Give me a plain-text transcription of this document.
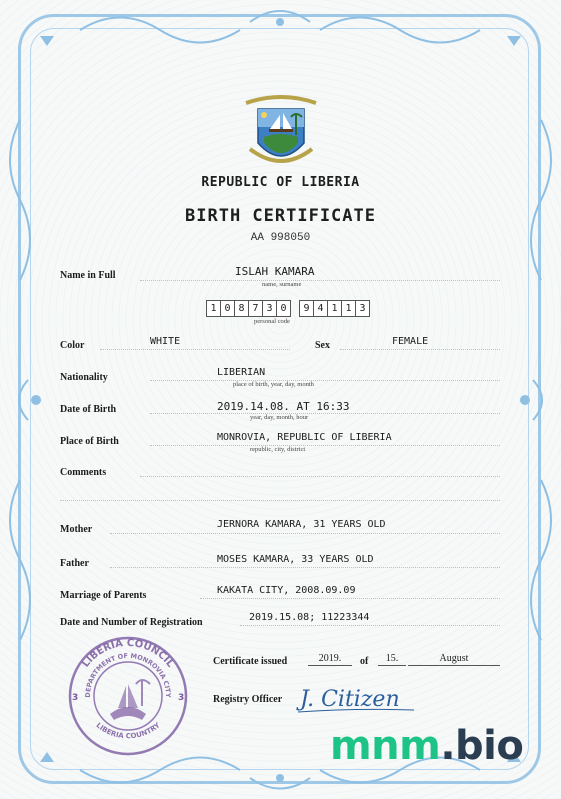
REPUBLIC OF LIBERIA
BIRTH CERTIFICATE
AA 998050
Name in Full	ISLAH KAMARA
name, surname
1 0 8 7 3 0	9 4 1 1 3
personal code
Color	WHITE	Sex	FEMALE
Nationality	LIBERIAN
place of birth, year, day, month
Date of Birth	2019.14.08. AT 16:33
year, day, month, hour
Place of Birth	MONROVIA, REPUBLIC OF LIBERIA
republic, city, district
Comments
Mother	JERNORA KAMARA, 31 YEARS OLD
Father	MOSES KAMARA, 33 YEARS OLD
Marriage of Parents	KAKATA CITY, 2008.09.09
Date and Number of Registration	2019.15.08; 11223344
LIBERIA COUNCIL
DEPARTMENT OF MONROVIA CITY
LIBERIA COUNTRY
3	3
Certificate issued	2019.	of	15.	August
Registry Officer J. Citizen
mnm.bio
